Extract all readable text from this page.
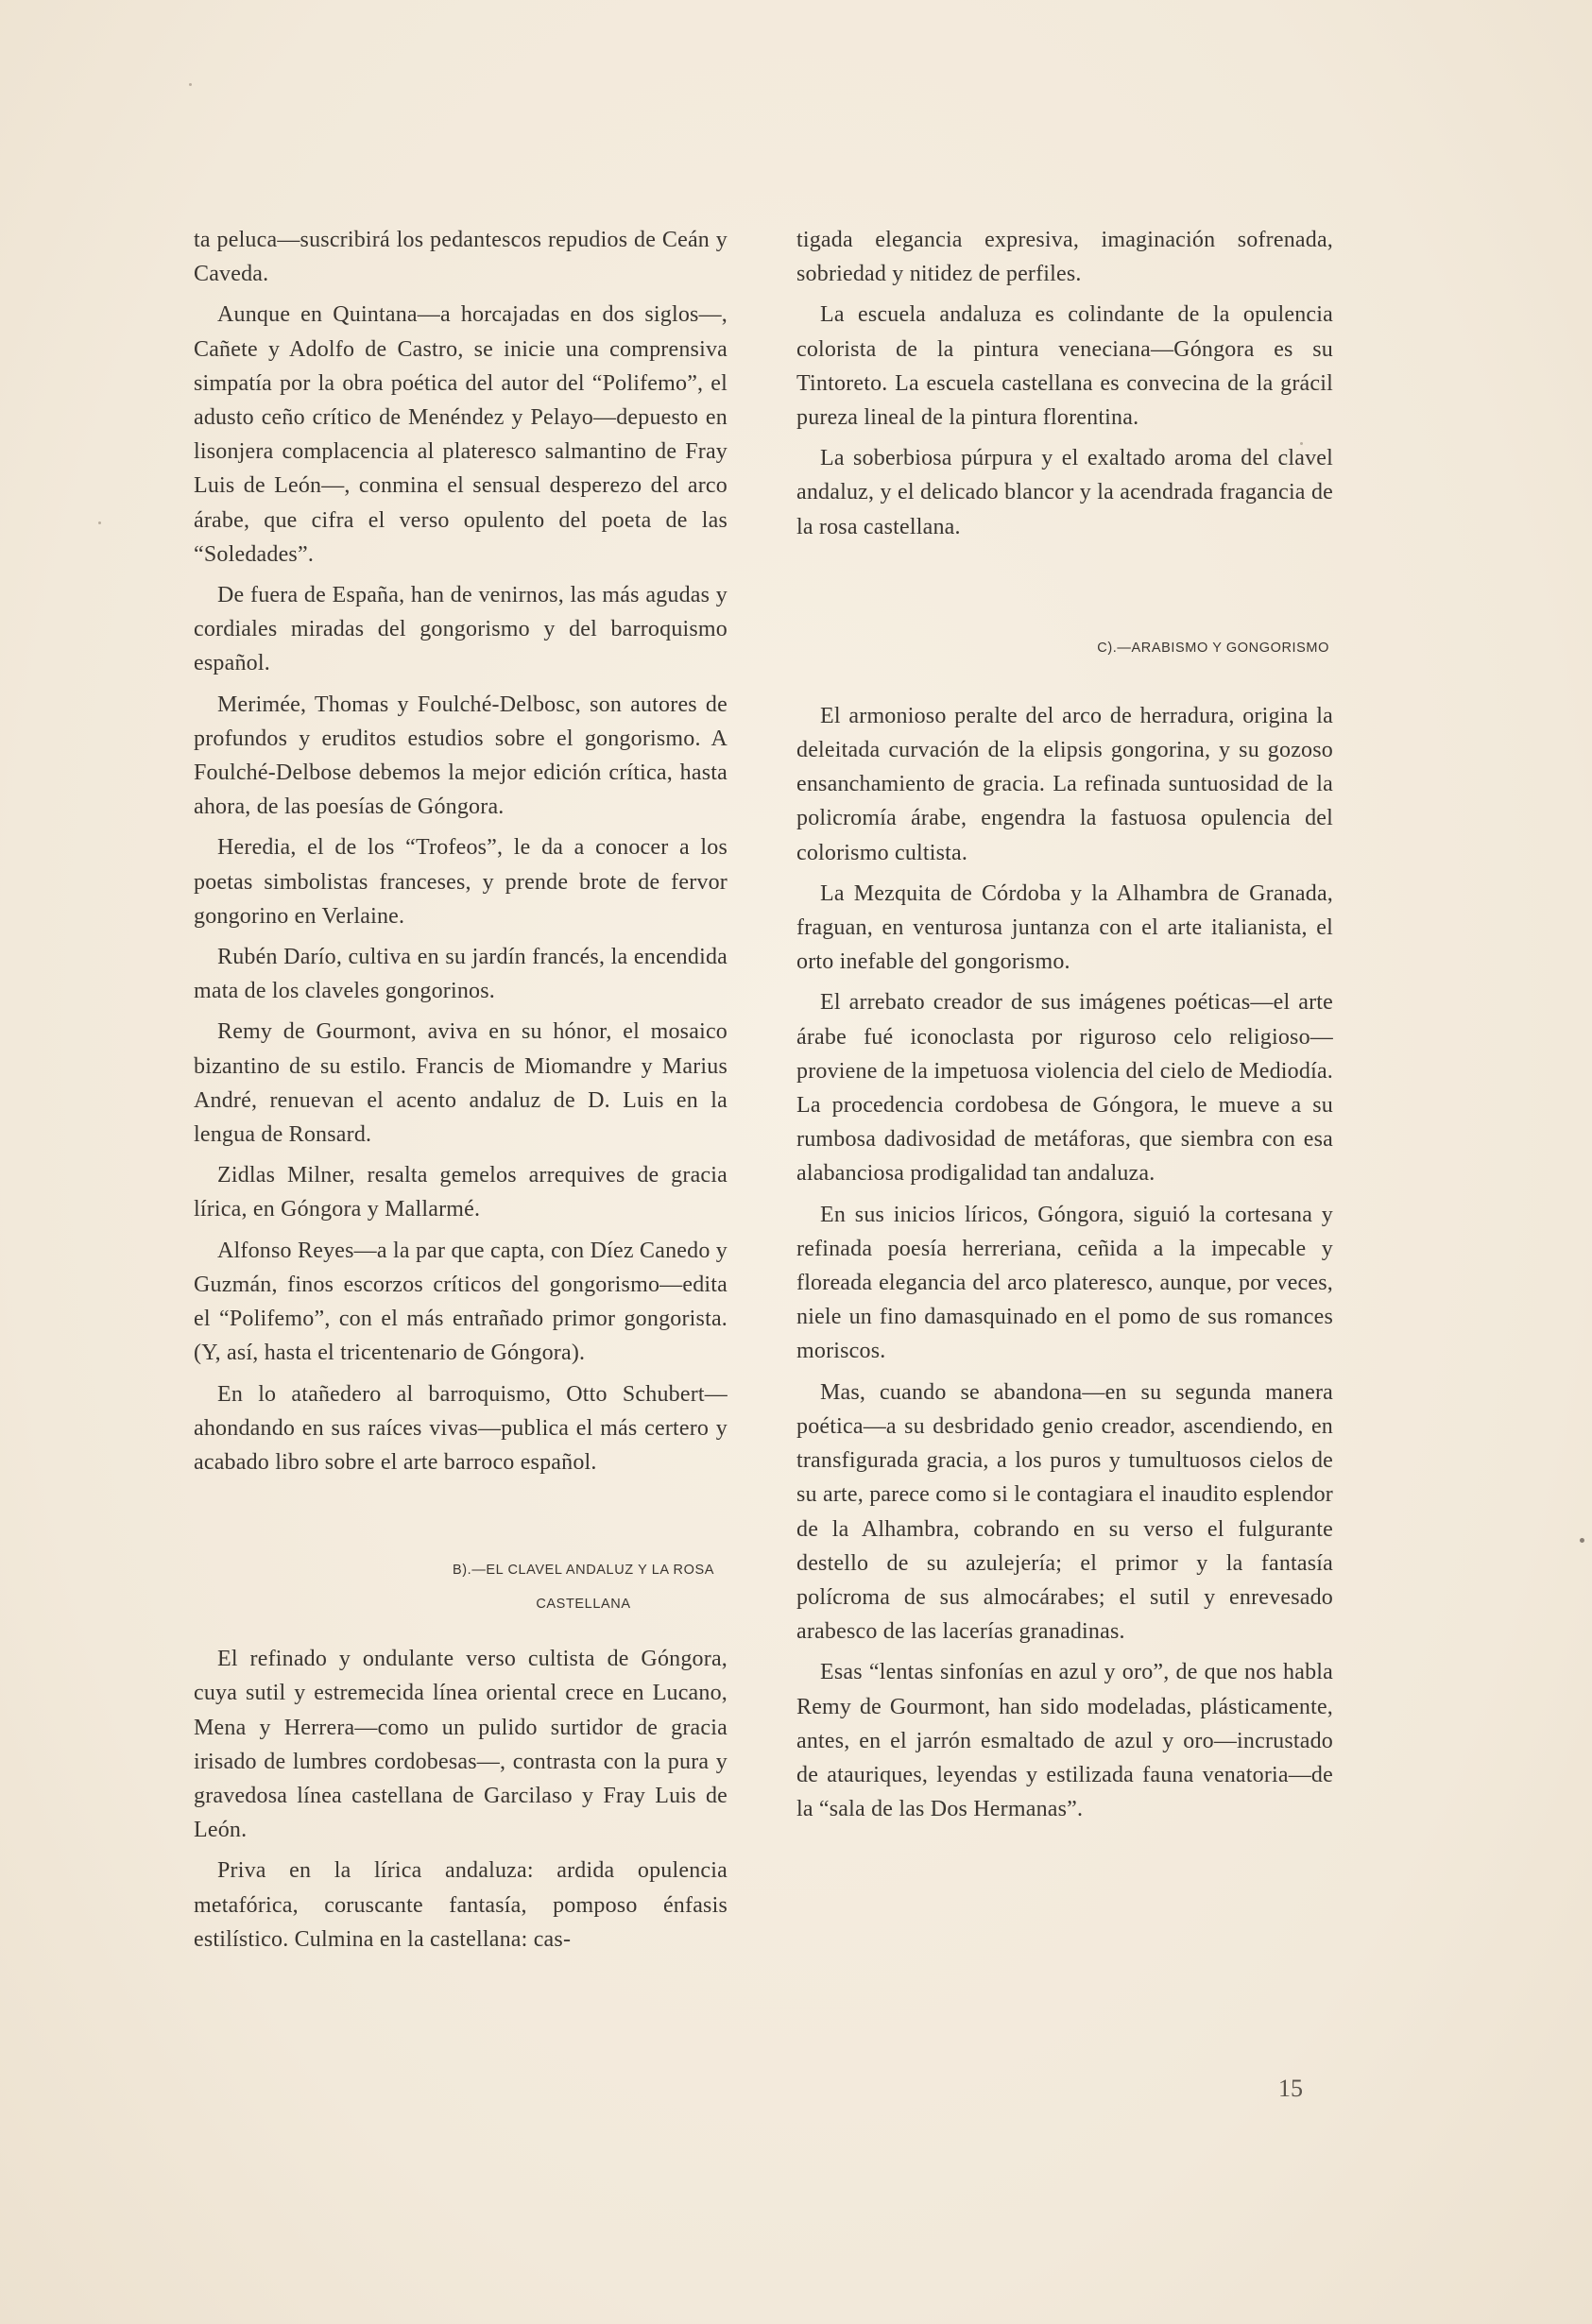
ta peluca—suscribirá los pedantescos repudios de Ceán y Caveda.

Aunque en Quintana—a horcajadas en dos siglos—, Cañete y Adolfo de Castro, se inicie una comprensiva simpatía por la obra poética del autor del “Polifemo”, el adusto ceño crítico de Menéndez y Pelayo—depuesto en lisonjera complacencia al plateresco salmantino de Fray Luis de León—, conmina el sensual desperezo del arco árabe, que cifra el verso opulento del poeta de las “Soledades”.

De fuera de España, han de venirnos, las más agudas y cordiales miradas del gongorismo y del barroquismo español.

Merimée, Thomas y Foulché-Delbosc, son autores de profundos y eruditos estudios sobre el gongorismo. A Foulché-Delbose debemos la mejor edición crítica, hasta ahora, de las poesías de Góngora.

Heredia, el de los “Trofeos”, le da a conocer a los poetas simbolistas franceses, y prende brote de fervor gongorino en Verlaine.

Rubén Darío, cultiva en su jardín francés, la encendida mata de los claveles gongorinos.

Remy de Gourmont, aviva en su hónor, el mosaico bizantino de su estilo. Francis de Miomandre y Marius André, renuevan el acento andaluz de D. Luis en la lengua de Ronsard.

Zidlas Milner, resalta gemelos arrequives de gracia lírica, en Góngora y Mallarmé.

Alfonso Reyes—a la par que capta, con Díez Canedo y Guzmán, finos escorzos críticos del gongorismo—edita el “Polifemo”, con el más entrañado primor gongorista. (Y, así, hasta el tricentenario de Góngora).

En lo atañedero al barroquismo, Otto Schubert—ahondando en sus raíces vivas—publica el más certero y acabado libro sobre el arte barroco español.

B).—EL CLAVEL ANDALUZ Y LA ROSA
CASTELLANA

El refinado y ondulante verso cultista de Góngora, cuya sutil y estremecida línea oriental crece en Lucano, Mena y Herrera—como un pulido surtidor de gracia irisado de lumbres cordobesas—, contrasta con la pura y gravedosa línea castellana de Garcilaso y Fray Luis de León.

Priva en la lírica andaluza: ardida opulencia metafórica, coruscante fantasía, pomposo énfasis estilístico. Culmina en la castellana: cas-

tigada elegancia expresiva, imaginación sofrenada, sobriedad y nitidez de perfiles.

La escuela andaluza es colindante de la opulencia colorista de la pintura veneciana—Góngora es su Tintoreto. La escuela castellana es convecina de la grácil pureza lineal de la pintura florentina.

La soberbiosa púrpura y el exaltado aroma del clavel andaluz, y el delicado blancor y la acendrada fragancia de la rosa castellana.

C).—ARABISMO Y GONGORISMO

El armonioso peralte del arco de herradura, origina la deleitada curvación de la elipsis gongorina, y su gozoso ensanchamiento de gracia. La refinada suntuosidad de la policromía árabe, engendra la fastuosa opulencia del colorismo cultista.

La Mezquita de Córdoba y la Alhambra de Granada, fraguan, en venturosa juntanza con el arte italianista, el orto inefable del gongorismo.

El arrebato creador de sus imágenes poéticas—el arte árabe fué iconoclasta por riguroso celo religioso—proviene de la impetuosa violencia del cielo de Mediodía. La procedencia cordobesa de Góngora, le mueve a su rumbosa dadivosidad de metáforas, que siembra con esa alabanciosa prodigalidad tan andaluza.

En sus inicios líricos, Góngora, siguió la cortesana y refinada poesía herreriana, ceñida a la impecable y floreada elegancia del arco plateresco, aunque, por veces, niele un fino damasquinado en el pomo de sus romances moriscos.

Mas, cuando se abandona—en su segunda manera poética—a su desbridado genio creador, ascendiendo, en transfigurada gracia, a los puros y tumultuosos cielos de su arte, parece como si le contagiara el inaudito esplendor de la Alhambra, cobrando en su verso el fulgurante destello de su azulejería; el primor y la fantasía polícroma de sus almocárabes; el sutil y enrevesado arabesco de las lacerías granadinas.

Esas “lentas sinfonías en azul y oro”, de que nos habla Remy de Gourmont, han sido modeladas, plásticamente, antes, en el jarrón esmaltado de azul y oro—incrustado de atauriques, leyendas y estilizada fauna venatoria—de la “sala de las Dos Hermanas”.

15
